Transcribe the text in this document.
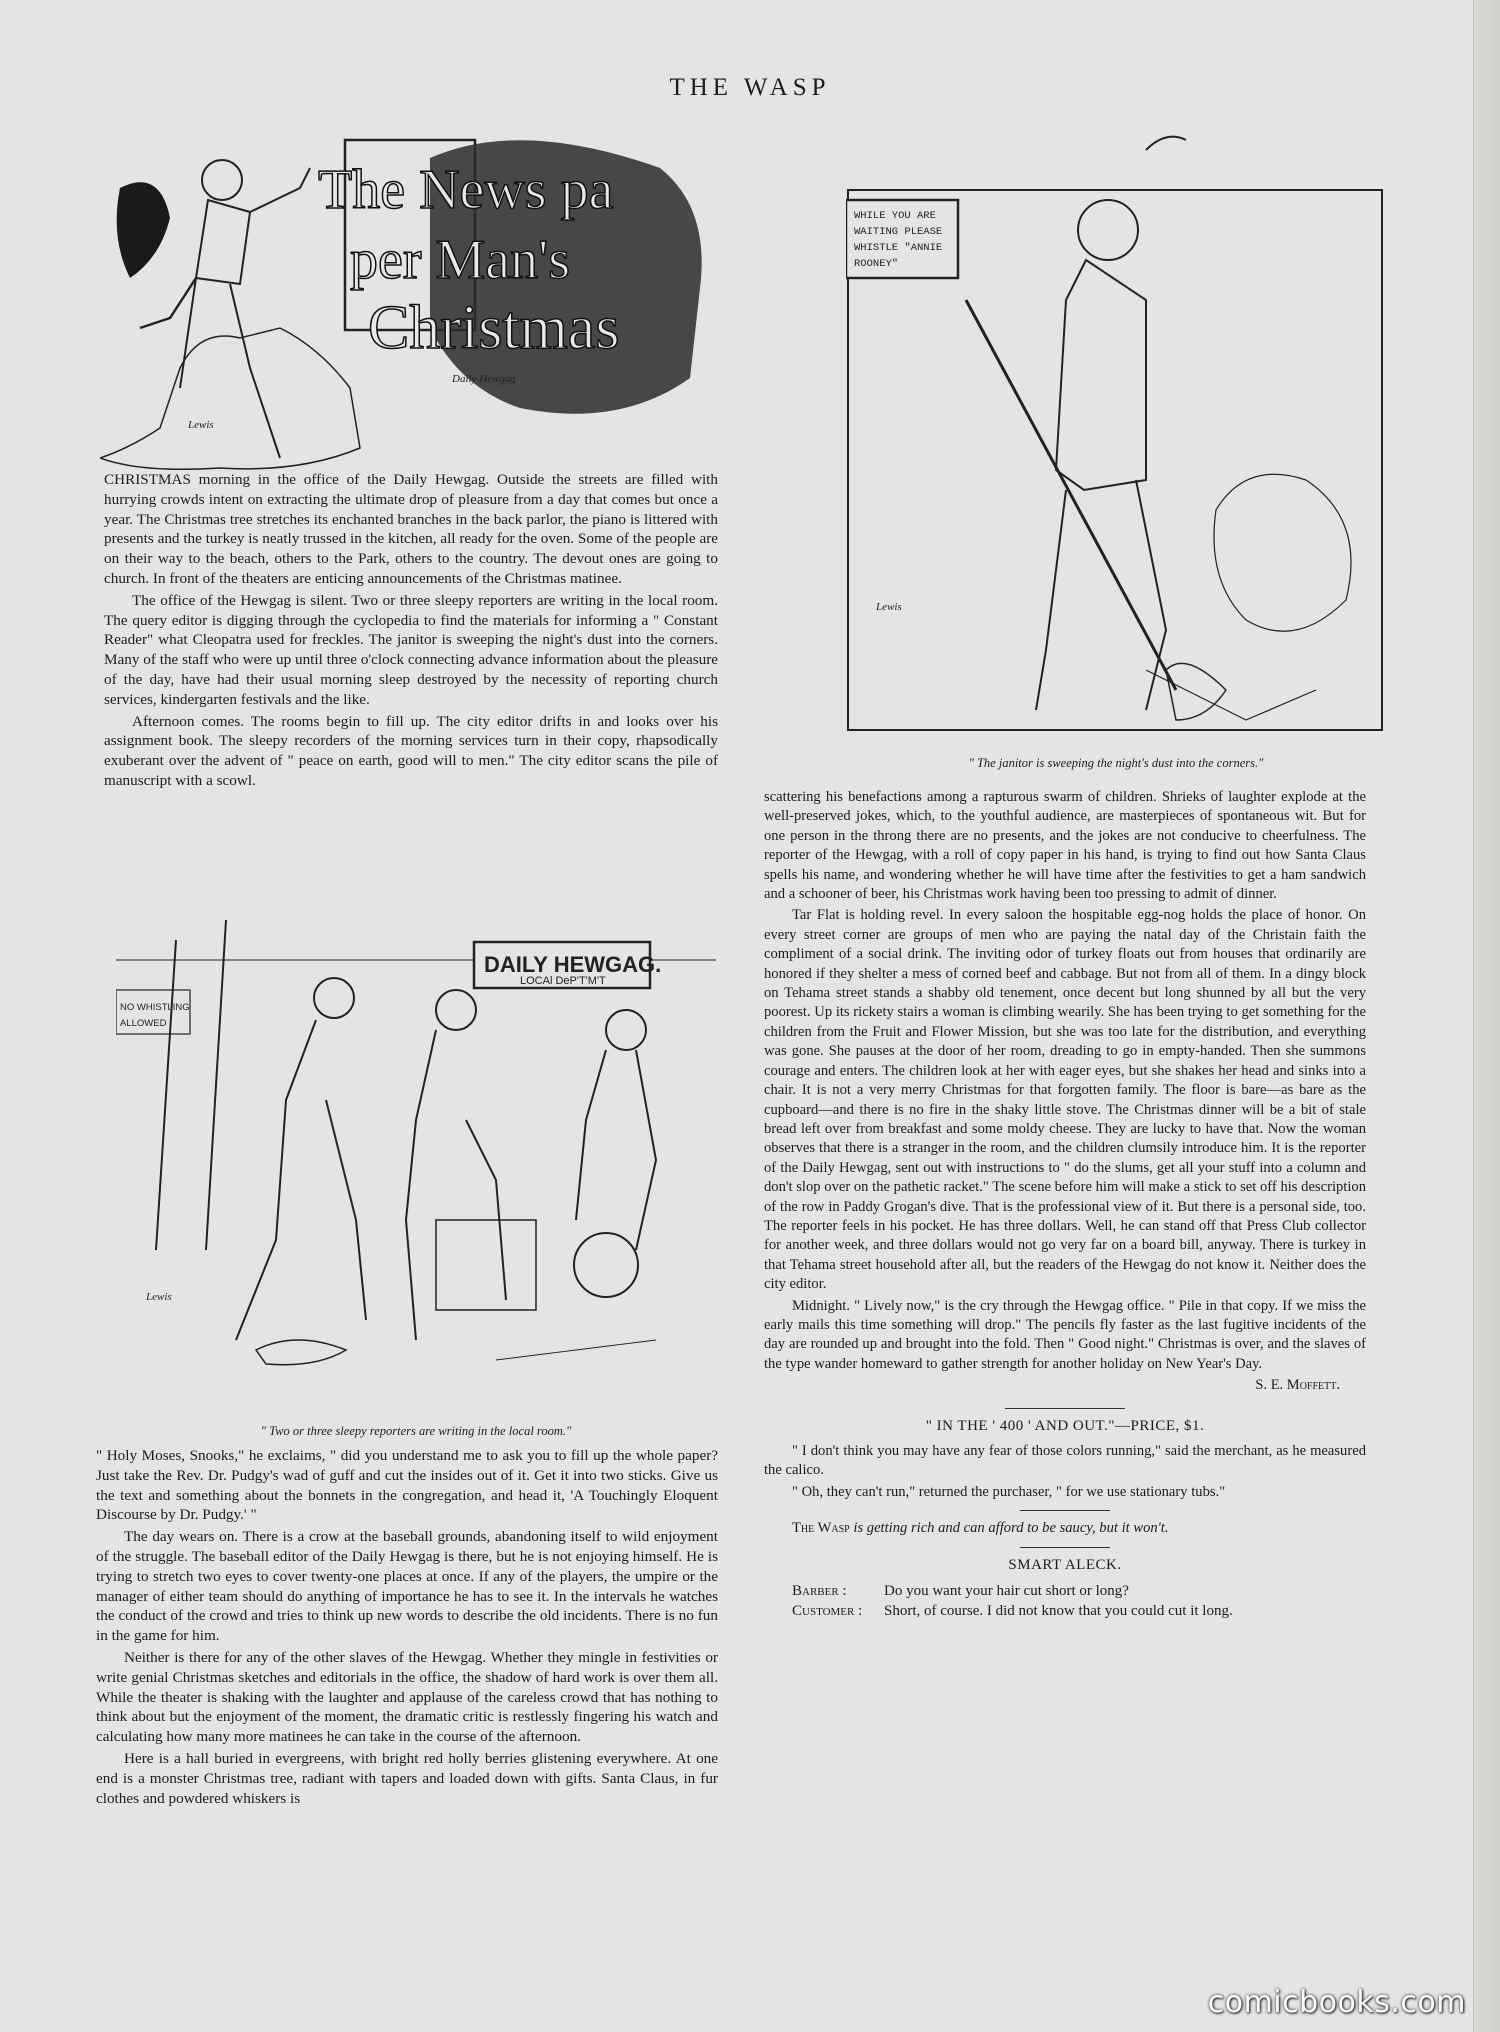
THE WASP
The News pa
per Man's
Christmas
Daily Hewgag
Lewis
WHILE YOU ARE
WAITING PLEASE
WHISTLE "ANNIE
ROONEY"
Lewis
" The janitor is sweeping the night's dust into the corners."
DAILY HEWGAG.
LOCAl DeP'T'M'T
NO WHISTLING
ALLOWED
Lewis
" Two or three sleepy reporters are writing in the local room."

CHRISTMAS morning in the office of the Daily Hewgag. Outside the streets are filled with hurrying crowds intent on extracting the ultimate drop of pleasure from a day that comes but once a year. The Christmas tree stretches its enchanted branches in the back parlor, the piano is littered with presents and the turkey is neatly trussed in the kitchen, all ready for the oven. Some of the people are on their way to the beach, others to the Park, others to the country. The devout ones are going to church. In front of the theaters are enticing announcements of the Christmas matinee.

The office of the Hewgag is silent. Two or three sleepy reporters are writing in the local room. The query editor is digging through the cyclopedia to find the materials for informing a " Constant Reader" what Cleopatra used for freckles. The janitor is sweeping the night's dust into the corners. Many of the staff who were up until three o'clock connecting advance information about the pleasure of the day, have had their usual morning sleep destroyed by the necessity of reporting church services, kindergarten festivals and the like.

Afternoon comes. The rooms begin to fill up. The city editor drifts in and looks over his assignment book. The sleepy recorders of the morning services turn in their copy, rhapsodically exuberant over the advent of " peace on earth, good will to men." The city editor scans the pile of manuscript with a scowl.

" Holy Moses, Snooks," he exclaims, " did you understand me to ask you to fill up the whole paper? Just take the Rev. Dr. Pudgy's wad of guff and cut the insides out of it. Get it into two sticks. Give us the text and something about the bonnets in the congregation, and head it, 'A Touchingly Eloquent Discourse by Dr. Pudgy.' "

The day wears on. There is a crow at the baseball grounds, abandoning itself to wild enjoyment of the struggle. The baseball editor of the Daily Hewgag is there, but he is not enjoying himself. He is trying to stretch two eyes to cover twenty-one places at once. If any of the players, the umpire or the manager of either team should do anything of importance he has to see it. In the intervals he watches the conduct of the crowd and tries to think up new words to describe the old incidents. There is no fun in the game for him.

Neither is there for any of the other slaves of the Hewgag. Whether they mingle in festivities or write genial Christmas sketches and editorials in the office, the shadow of hard work is over them all. While the theater is shaking with the laughter and applause of the careless crowd that has nothing to think about but the enjoyment of the moment, the dramatic critic is restlessly fingering his watch and calculating how many more matinees he can take in the course of the afternoon.

Here is a hall buried in evergreens, with bright red holly berries glistening everywhere. At one end is a monster Christmas tree, radiant with tapers and loaded down with gifts. Santa Claus, in fur clothes and powdered whiskers is

scattering his benefactions among a rapturous swarm of children. Shrieks of laughter explode at the well-preserved jokes, which, to the youthful audience, are masterpieces of spontaneous wit. But for one person in the throng there are no presents, and the jokes are not conducive to cheerfulness. The reporter of the Hewgag, with a roll of copy paper in his hand, is trying to find out how Santa Claus spells his name, and wondering whether he will have time after the festivities to get a ham sandwich and a schooner of beer, his Christmas work having been too pressing to admit of dinner.

Tar Flat is holding revel. In every saloon the hospitable egg-nog holds the place of honor. On every street corner are groups of men who are paying the natal day of the Christain faith the compliment of a social drink. The inviting odor of turkey floats out from houses that ordinarily are honored if they shelter a mess of corned beef and cabbage. But not from all of them. In a dingy block on Tehama street stands a shabby old tenement, once decent but long shunned by all but the very poorest. Up its rickety stairs a woman is climbing wearily. She has been trying to get something for the children from the Fruit and Flower Mission, but she was too late for the distribution, and everything was gone. She pauses at the door of her room, dreading to go in empty-handed. Then she summons courage and enters. The children look at her with eager eyes, but she shakes her head and sinks into a chair. It is not a very merry Christmas for that forgotten family. The floor is bare—as bare as the cupboard—and there is no fire in the shaky little stove. The Christmas dinner will be a bit of stale bread left over from breakfast and some moldy cheese. They are lucky to have that. Now the woman observes that there is a stranger in the room, and the children clumsily introduce him. It is the reporter of the Daily Hewgag, sent out with instructions to " do the slums, get all your stuff into a column and don't slop over on the pathetic racket." The scene before him will make a stick to set off his description of the row in Paddy Grogan's dive. That is the professional view of it. But there is a personal side, too. The reporter feels in his pocket. He has three dollars. Well, he can stand off that Press Club collector for another week, and three dollars would not go very far on a board bill, anyway. There is turkey in that Tehama street household after all, but the readers of the Hewgag do not know it. Neither does the city editor.

Midnight. " Lively now," is the cry through the Hewgag office. " Pile in that copy. If we miss the early mails this time something will drop." The pencils fly faster as the last fugitive incidents of the day are rounded up and brought into the fold. Then " Good night." Christmas is over, and the slaves of the type wander homeward to gather strength for another holiday on New Year's Day.

S. E. Moffett.
" IN THE ' 400 ' AND OUT."—PRICE, $1.

" I don't think you may have any fear of those colors running," said the merchant, as he measured the calico.

" Oh, they can't run," returned the purchaser, " for we use stationary tubs."

The Wasp is getting rich and can afford to be saucy, but it won't.

SMART ALECK.
Barber :	Do you want your hair cut short or long?
Customer :	Short, of course. I did not know that you could cut it long.
comicbooks.com
